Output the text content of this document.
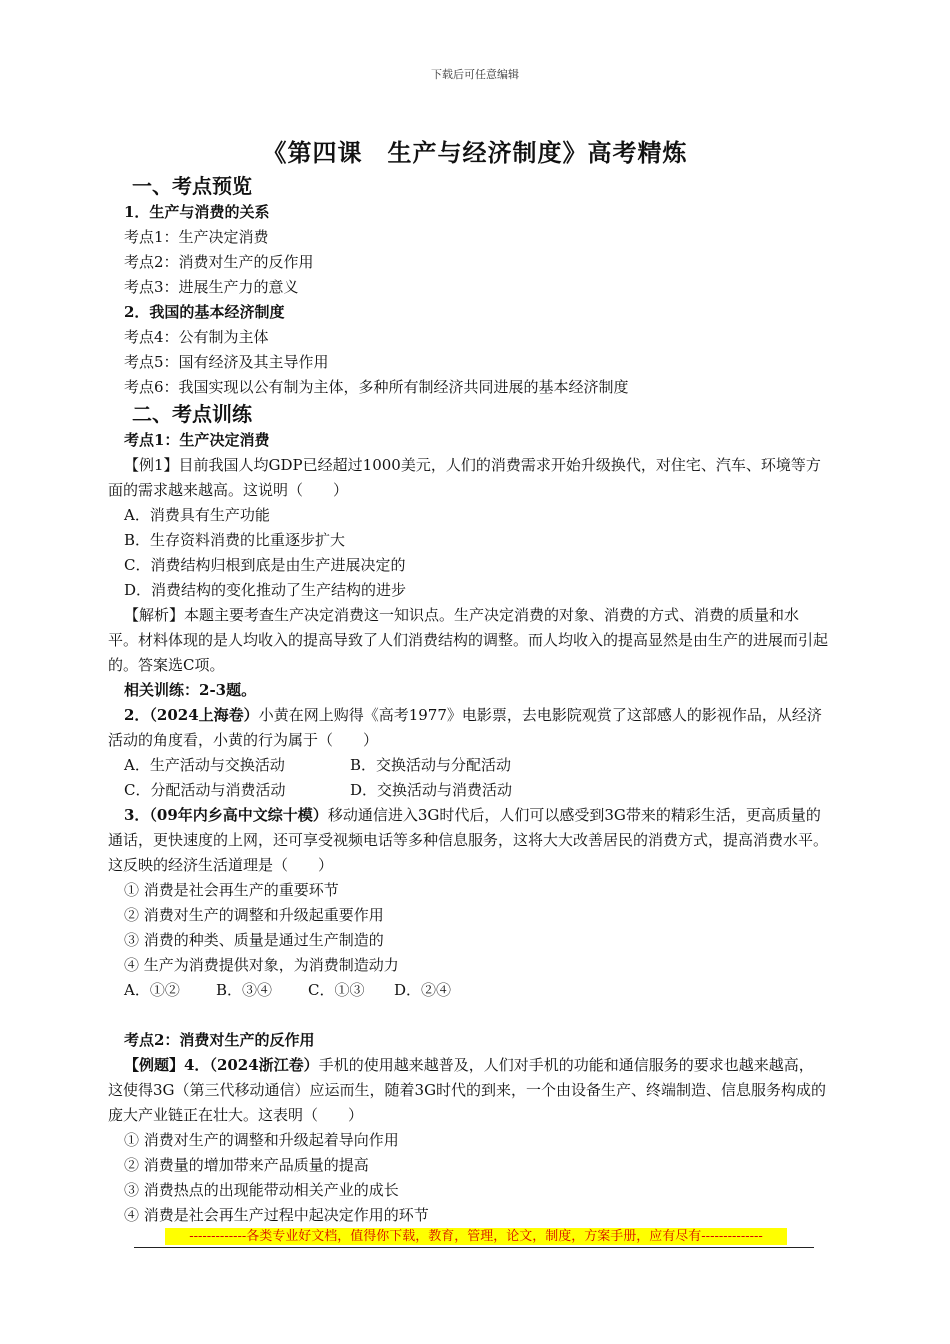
下载后可任意编辑
《第四课　生产与经济制度》高考精炼
一、考点预览
1．生产与消费的关系
考点1：生产决定消费
考点2：消费对生产的反作用
考点3：进展生产力的意义
2．我国的基本经济制度
考点4：公有制为主体
考点5：国有经济及其主导作用
考点6：我国实现以公有制为主体，多种所有制经济共同进展的基本经济制度
二、考点训练
考点1：生产决定消费
【例1】目前我国人均GDP已经超过1000美元，人们的消费需求开始升级换代，对住宅、汽车、环境等方面的需求越来越高。这说明（　　）
A．消费具有生产功能
B．生存资料消费的比重逐步扩大
C．消费结构归根到底是由生产进展决定的
D．消费结构的变化推动了生产结构的进步
【解析】本题主要考查生产决定消费这一知识点。生产决定消费的对象、消费的方式、消费的质量和水平。材料体现的是人均收入的提高导致了人们消费结构的调整。而人均收入的提高显然是由生产的进展而引起的。答案选C项。
相关训练：2-3题。
2．（2024上海卷）小黄在网上购得《高考1977》电影票，去电影院观赏了这部感人的影视作品，从经济活动的角度看，小黄的行为属于（　　）
A．生产活动与交换活动	B．交换活动与分配活动
C．分配活动与消费活动	D．交换活动与消费活动
3．（09年内乡高中文综十模）移动通信进入3G时代后，人们可以感受到3G带来的精彩生活，更高质量的通话，更快速度的上网，还可享受视频电话等多种信息服务，这将大大改善居民的消费方式，提高消费水平。这反映的经济生活道理是（　　）
① 消费是社会再生产的重要环节
② 消费对生产的调整和升级起重要作用
③ 消费的种类、质量是通过生产制造的
④ 生产为消费提供对象，为消费制造动力
A．①②	B．③④	C．①③	D．②④
考点2：消费对生产的反作用
【例题】4．（2024浙江卷）手机的使用越来越普及，人们对手机的功能和通信服务的要求也越来越高，这使得3G（第三代移动通信）应运而生，随着3G时代的到来，一个由设备生产、终端制造、信息服务构成的庞大产业链正在壮大。这表明（　　）
① 消费对生产的调整和升级起着导向作用
② 消费量的增加带来产品质量的提高
③ 消费热点的出现能带动相关产业的成长
④ 消费是社会再生产过程中起决定作用的环节
-------------各类专业好文档，值得你下载，教育，管理，论文，制度，方案手册，应有尽有--------------
